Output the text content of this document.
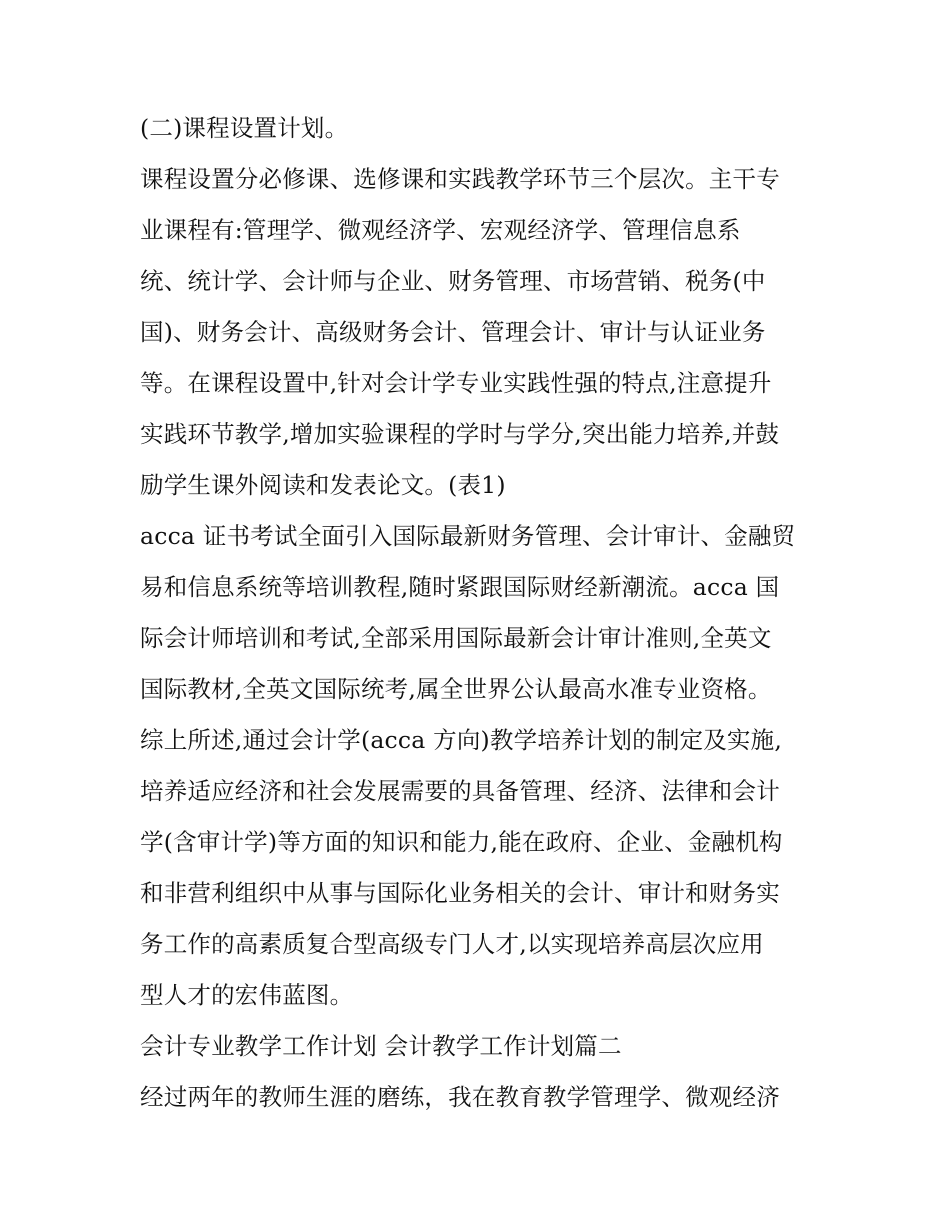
(二)课程设置计划。
课程设置分必修课、选修课和实践教学环节三个层次。主干专
业课程有:管理学、微观经济学、宏观经济学、管理信息系
统、统计学、会计师与企业、财务管理、市场营销、税务(中
国)、财务会计、高级财务会计、管理会计、审计与认证业务
等。在课程设置中,针对会计学专业实践性强的特点,注意提升
实践环节教学,增加实验课程的学时与学分,突出能力培养,并鼓
励学生课外阅读和发表论文。(表1)
acca 证书考试全面引入国际最新财务管理、会计审计、金融贸
易和信息系统等培训教程,随时紧跟国际财经新潮流。acca 国
际会计师培训和考试,全部采用国际最新会计审计准则,全英文
国际教材,全英文国际统考,属全世界公认最高水准专业资格。
综上所述,通过会计学(acca 方向)教学培养计划的制定及实施,
培养适应经济和社会发展需要的具备管理、经济、法律和会计
学(含审计学)等方面的知识和能力,能在政府、企业、金融机构
和非营利组织中从事与国际化业务相关的会计、审计和财务实
务工作的高素质复合型高级专门人才,以实现培养高层次应用
型人才的宏伟蓝图。
会计专业教学工作计划 会计教学工作计划篇二
经过两年的教师生涯的磨练，我在教育教学管理学、微观经济
